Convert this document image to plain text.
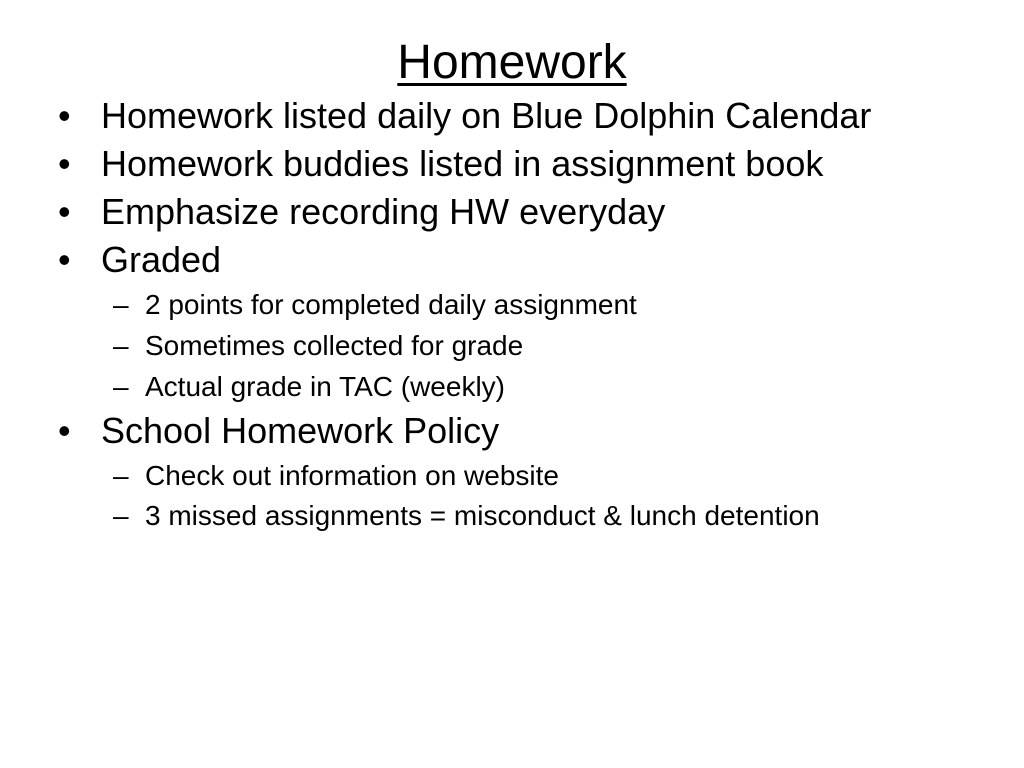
Homework
• Homework listed daily on Blue Dolphin Calendar
• Homework buddies listed in assignment book
• Emphasize recording HW everyday
• Graded
– 2 points for completed daily assignment
– Sometimes collected for grade
– Actual grade in TAC (weekly)
• School Homework Policy
– Check out information on website
– 3 missed assignments = misconduct & lunch detention
